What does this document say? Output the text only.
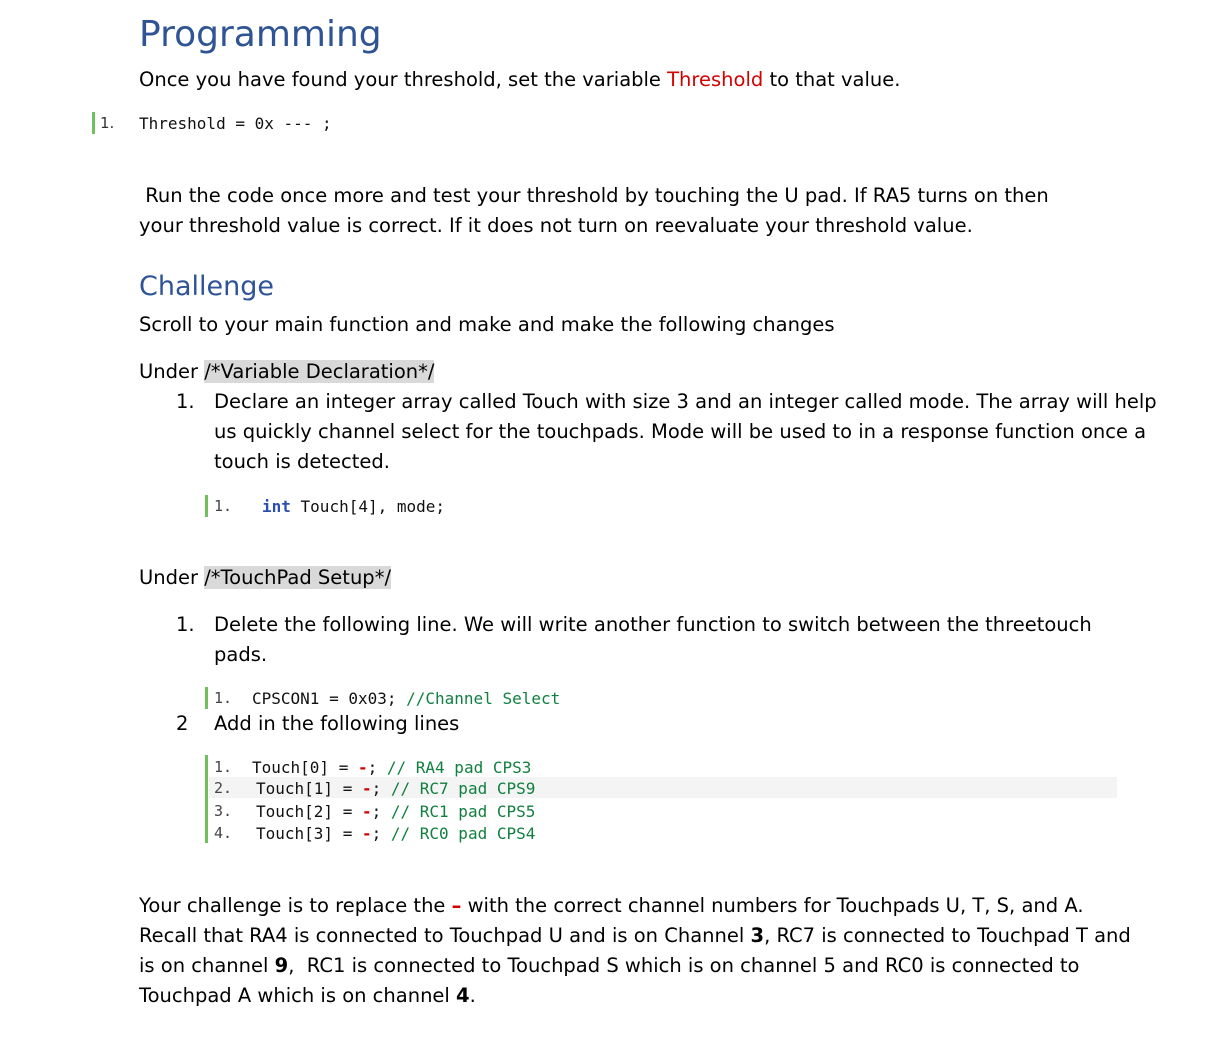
Programming
Once you have found your threshold, set the variable Threshold to that value.
1. Threshold = 0x --- ;
Run the code once more and test your threshold by touching the U pad. If RA5 turns on then
your threshold value is correct. If it does not turn on reevaluate your threshold value.
Challenge
Scroll to your main function and make and make the following changes
Under /*Variable Declaration*/
1. Declare an integer array called Touch with size 3 and an integer called mode. The array will help
us quickly channel select for the touchpads. Mode will be used to in a response function once a
touch is detected.
1. int Touch[4], mode;
Under /*TouchPad Setup*/
1. Delete the following line. We will write another function to switch between the threetouch
pads.
1. CPSCON1 = 0x03; //Channel Select
2 Add in the following lines
1. Touch[0] = -; // RA4 pad CPS3
2. Touch[1] = -; // RC7 pad CPS9
3. Touch[2] = -; // RC1 pad CPS5
4. Touch[3] = -; // RC0 pad CPS4
Your challenge is to replace the – with the correct channel numbers for Touchpads U, T, S, and A.
Recall that RA4 is connected to Touchpad U and is on Channel 3, RC7 is connected to Touchpad T and
is on channel 9,  RC1 is connected to Touchpad S which is on channel 5 and RC0 is connected to
Touchpad A which is on channel 4.
